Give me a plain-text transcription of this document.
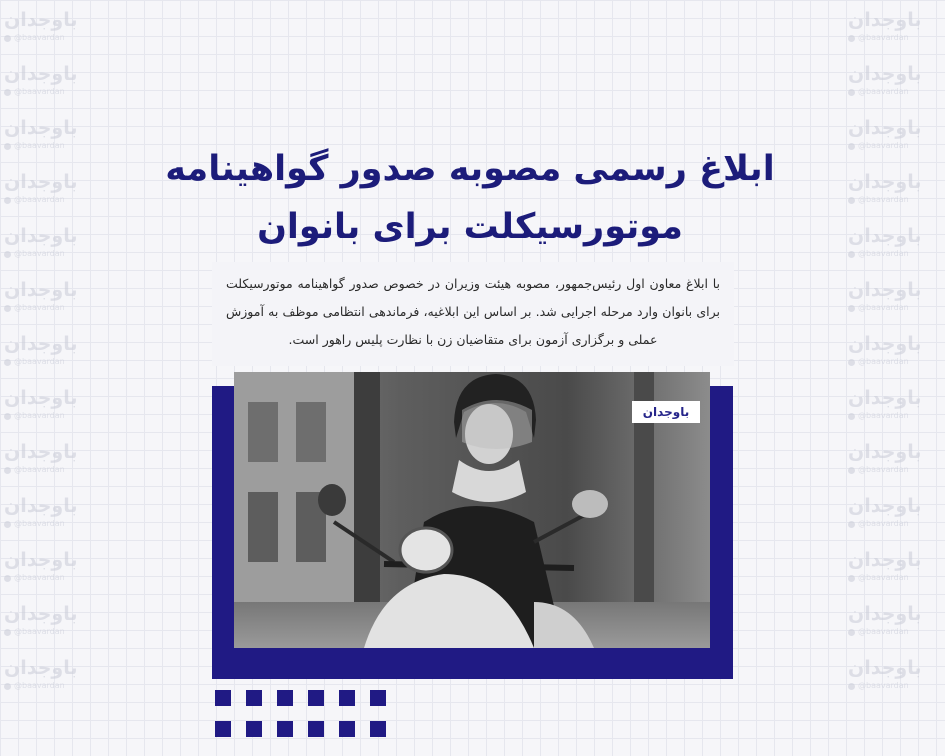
باوجدان
@baavardan
باوجدان
@baavardan
باوجدان
@baavardan
باوجدان
@baavardan
باوجدان
@baavardan
باوجدان
@baavardan
باوجدان
@baavardan
باوجدان
@baavardan
باوجدان
@baavardan
باوجدان
@baavardan
باوجدان
@baavardan
باوجدان
@baavardan
باوجدان
@baavardan
باوجدان
@baavardan
باوجدان
@baavardan
باوجدان
@baavardan
باوجدان
@baavardan
باوجدان
@baavardan
باوجدان
@baavardan
باوجدان
@baavardan
باوجدان
@baavardan
باوجدان
@baavardan
باوجدان
@baavardan
باوجدان
@baavardan
باوجدان
@baavardan
باوجدان
@baavardan
ابلاغ رسمی مصوبه صدور گواهینامه
موتورسیکلت برای بانوان
با ابلاغ معاون اول رئیس‌جمهور، مصوبه هیئت وزیران در خصوص صدور گواهینامه موتورسیکلت برای بانوان وارد مرحله اجرایی شد. بر اساس این ابلاغیه، فرماندهی انتظامی موظف به آموزش عملی و برگزاری آزمون برای متقاضیان زن با نظارت پلیس راهور است.
باوجدان
